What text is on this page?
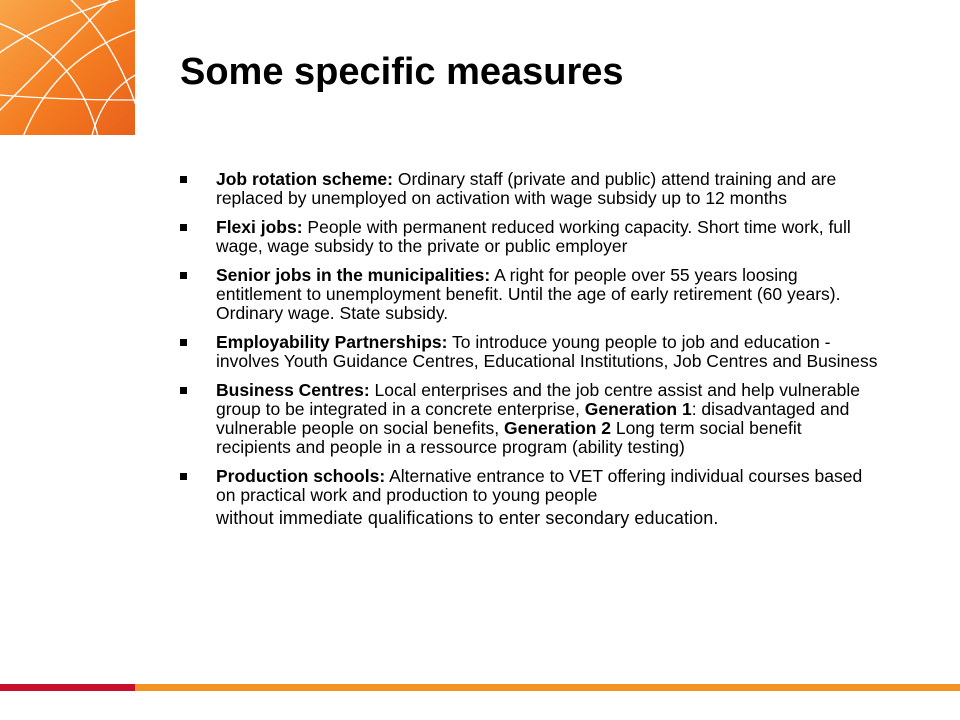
Some specific measures
Job rotation scheme: Ordinary staff (private and public) attend training and are replaced by unemployed on activation with wage subsidy up to 12 months
Flexi jobs: People with permanent reduced working capacity. Short time work, full wage, wage subsidy to the private or public employer
Senior jobs in the municipalities: A right for people over 55 years loosing entitlement to unemployment benefit. Until the age of early retirement (60 years). Ordinary wage. State subsidy.
Employability Partnerships: To introduce young people to job and education - involves Youth Guidance Centres, Educational Institutions, Job Centres and Business
Business Centres: Local enterprises and the job centre assist and help vulnerable group to be integrated in a concrete enterprise, Generation 1: disadvantaged and vulnerable people on social benefits, Generation 2 Long term social benefit recipients and people in a ressource program (ability testing)
Production schools: Alternative entrance to VET offering individual courses based on practical work and production to young people
without immediate qualifications to enter secondary education.
